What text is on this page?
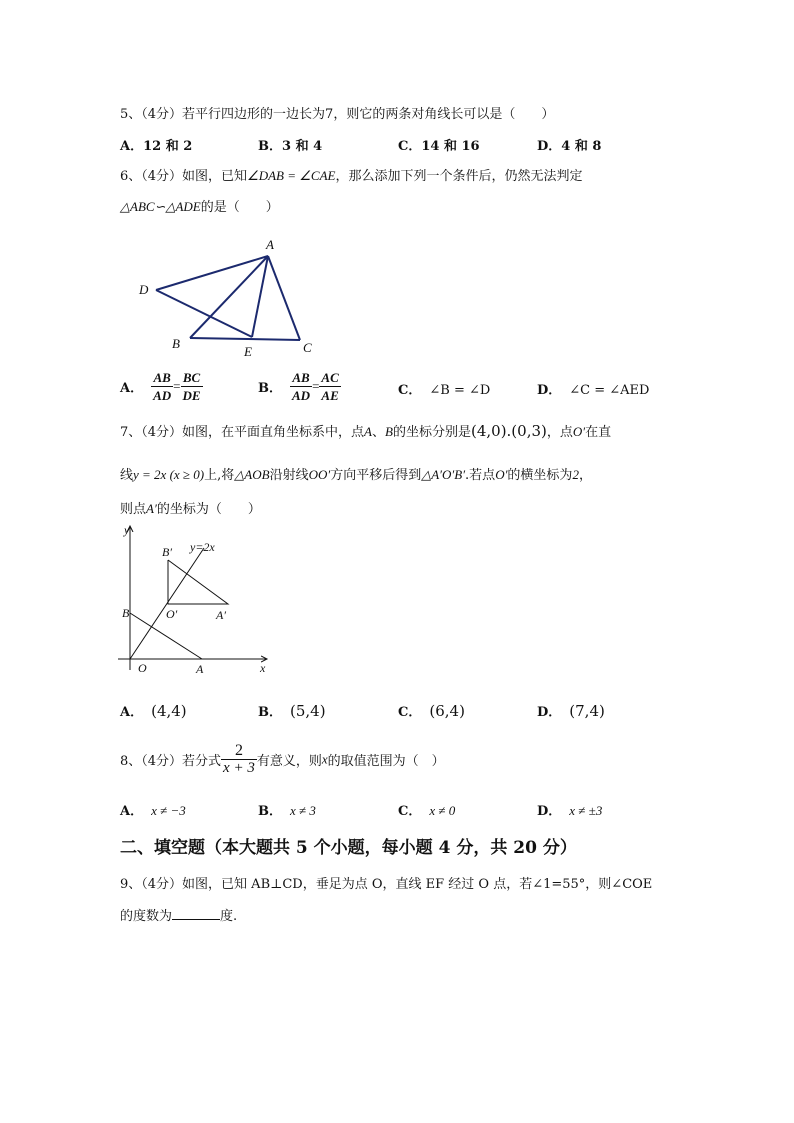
5、（4分）若平行四边形的一边长为7，则它的两条对角线长可以是（　　）
A．12 和 2	B．3 和 4	C．14 和 16	D．4 和 8
6、（4分）如图，已知∠DAB = ∠CAE，那么添加下列一个条件后，仍然无法判定
△ABC∽△ADE的是（　　）
A
D
B
E	C
A． $\frac{AB}{AD} = \frac{BC}{DE}$	B． $\frac{AB}{AD} = \frac{AC}{AE}$	C． ∠B = ∠D	D． ∠C = ∠AED
7、（4分）如图，在平面直角坐标系中，点A、B的坐标分别是(4,0).(0,3)，点O′在直
线y = 2x (x ≥ 0)上,将△AOB沿射线OO′方向平移后得到△A′O′B′.若点O′的横坐标为2，
则点A′的坐标为（　　）
y
x
O	A
B	O′	A′
B′ y=2x
A． (4,4)	B． (5,4)	C． (6,4)	D． (7,4)
8、（4分）若分式 $\frac{2}{x + 3}$ 有意义，则x的取值范围为（　）
A． x ≠ −3	B． x ≠ 3	C． x ≠ 0	D． x ≠ ±3
二、填空题（本大题共 5 个小题，每小题 4 分，共 20 分）
9、（4分）如图，已知 AB⊥CD，垂足为点 O，直线 EF 经过 O 点，若∠1=55°，则∠COE
的度数为	度.
